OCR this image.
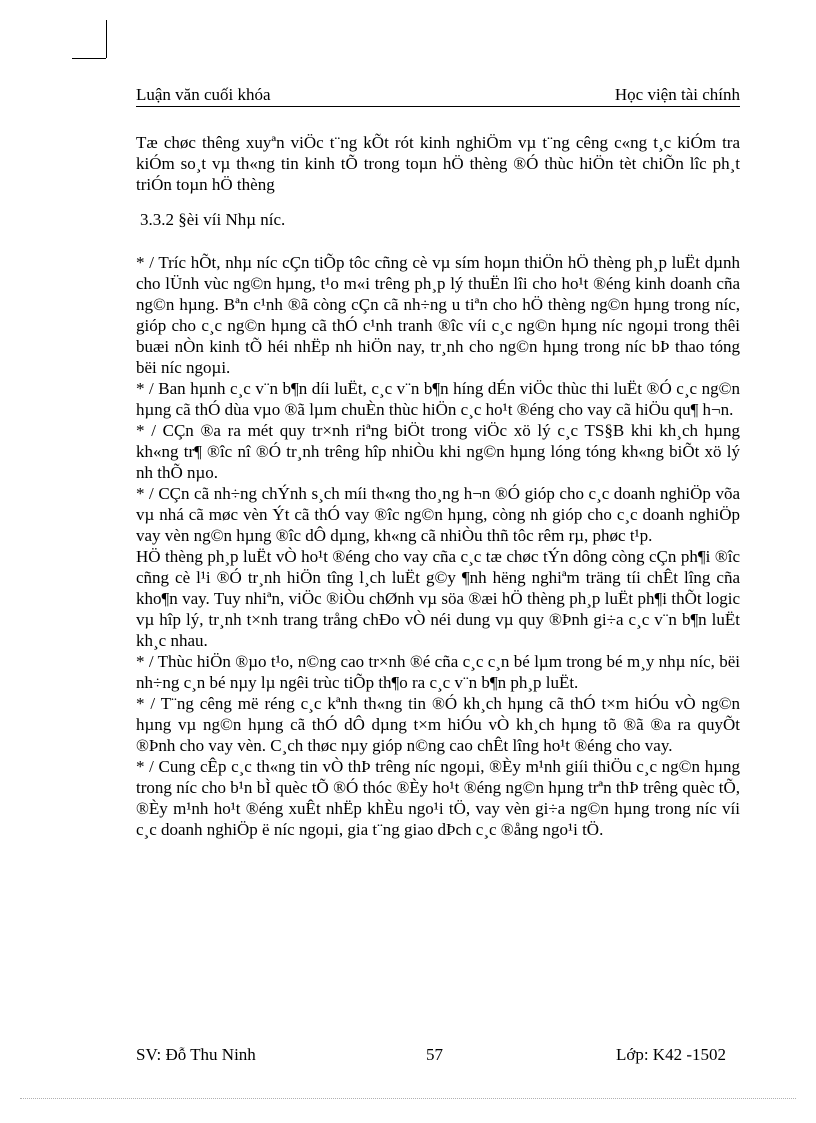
Luận văn cuối khóa	Học viện tài chính

Tæ chøc thêng xuyªn viÖc t¨ng kÕt rót kinh nghiÖm vµ t¨ng cêng c«ng t¸c kiÓm tra kiÓm so¸t vµ th«ng tin kinh tÕ trong toµn hÖ thèng ®Ó thùc hiÖn tèt chiÕn lîc ph¸t triÓn toµn hÖ thèng

3.3.2 §èi víi Nhµ níc.

* / Tríc hÕt, nhµ níc cÇn tiÕp tôc cñng cè vµ sím hoµn thiÖn hÖ thèng ph¸p luËt dµnh cho lÜnh vùc ng©n hµng, t¹o m«i trêng ph¸p lý thuËn lîi cho ho¹t ®éng kinh doanh cña ng©n hµng. Bªn c¹nh ®ã còng cÇn cã nh÷ng u tiªn cho hÖ thèng ng©n hµng trong níc, gióp cho c¸c ng©n hµng cã thÓ c¹nh tranh ®îc víi c¸c ng©n hµng níc ngoµi trong thêi buæi nÒn kinh tÕ héi nhËp nh hiÖn nay, tr¸nh cho ng©n hµng trong níc bÞ thao tóng bëi níc ngoµi.

* / Ban hµnh c¸c v¨n b¶n díi luËt, c¸c v¨n b¶n híng dÉn viÖc thùc thi luËt ®Ó c¸c ng©n hµng cã thÓ dùa vµo ®ã lµm chuÈn thùc hiÖn c¸c ho¹t ®éng cho vay cã hiÖu qu¶ h¬n.

* / CÇn ®a ra mét quy tr×nh riªng biÖt trong viÖc xö lý c¸c TS§B khi kh¸ch hµng kh«ng tr¶ ®îc nî ®Ó tr¸nh trêng hîp nhiÒu khi ng©n hµng lóng tóng kh«ng biÕt xö lý nh thÕ nµo.

* / CÇn cã nh÷ng chÝnh s¸ch míi th«ng tho¸ng h¬n ®Ó gióp cho c¸c doanh nghiÖp võa vµ nhá cã møc vèn Ýt cã thÓ vay ®îc ng©n hµng, còng nh gióp cho c¸c doanh nghiÖp vay vèn ng©n hµng ®îc dÔ dµng, kh«ng cã nhiÒu thñ tôc rêm rµ, phøc t¹p.

HÖ thèng ph¸p luËt vÒ ho¹t ®éng cho vay cña c¸c tæ chøc tÝn dông còng cÇn ph¶i ®îc cñng cè l¹i ®Ó tr¸nh hiÖn tîng l¸ch luËt g©y ¶nh hëng nghiªm träng tíi chÊt lîng cña kho¶n vay. Tuy nhiªn, viÖc ®iÒu chØnh vµ söa ®æi hÖ thèng ph¸p luËt ph¶i thÕt logic vµ hîp lý, tr¸nh t×nh trang trång chÐo vÒ néi dung vµ quy ®Þnh gi÷a c¸c v¨n b¶n luËt kh¸c nhau.

* / Thùc hiÖn ®µo t¹o, n©ng cao tr×nh ®é cña c¸c c¸n bé lµm trong bé m¸y nhµ níc, bëi nh÷ng c¸n bé nµy lµ ngêi trùc tiÕp th¶o ra c¸c v¨n b¶n ph¸p luËt.

* / T¨ng cêng më réng c¸c kªnh th«ng tin ®Ó kh¸ch hµng cã thÓ t×m hiÓu vÒ ng©n hµng vµ ng©n hµng cã thÓ dÔ dµng t×m hiÓu vÒ kh¸ch hµng tõ ®ã ®a ra quyÕt ®Þnh cho vay vèn. C¸ch thøc nµy gióp n©ng cao chÊt lîng ho¹t ®éng cho vay.

* / Cung cÊp c¸c th«ng tin vÒ thÞ trêng níc ngoµi, ®Èy m¹nh giíi thiÖu c¸c ng©n hµng trong níc cho b¹n bÌ quèc tÕ ®Ó thóc ®Èy ho¹t ®éng ng©n hµng trªn thÞ trêng quèc tÕ, ®Èy m¹nh ho¹t ®éng xuÊt nhËp khÈu ngo¹i tÖ, vay vèn gi÷a ng©n hµng trong níc víi c¸c doanh nghiÖp ë níc ngoµi, gia t¨ng giao dÞch c¸c ®ång ngo¹i tÖ.

SV: Đỗ Thu Ninh	57	Lớp: K42 -1502
